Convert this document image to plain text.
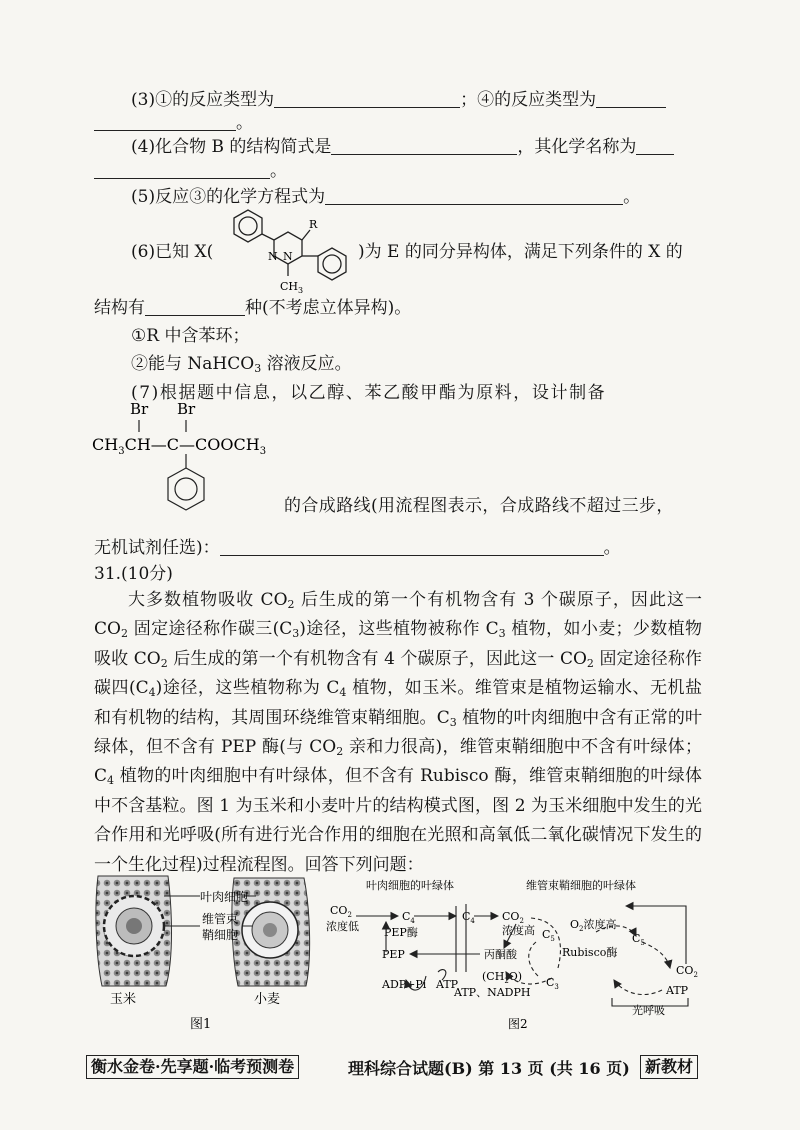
(3)①的反应类型为	；④的反应类型为
。
(4)化合物 B 的结构简式是	，其化学名称为
。
(5)反应③的化学方程式为	。
(6)已知 X(
R
N N
$CH_3$
)为 E 的同分异构体，满足下列条件的 X 的
结构有	种(不考虑立体异构)。
①R 中含苯环；
②能与 NaHCO$_3$ 溶液反应。
(7)根据题中信息，以乙醇、苯乙酸甲酯为原料，设计制备
Br Br
$CH_3CH—C—COOCH_3$
的合成路线(用流程图表示，合成路线不超过三步，
无机试剂任选)：	。
31.(10分)

大多数植物吸收 $CO_2$ 后生成的第一个有机物含有 3 个碳原子，因此这一 $CO_2$ 固定途径称作碳三$(C_3)$途径，这些植物被称作 $C_3$ 植物，如小麦；少数植物吸收 $CO_2$ 后生成的第一个有机物含有 4 个碳原子，因此这一 $CO_2$ 固定途径称作碳四$(C_4)$途径，这些植物称为 $C_4$ 植物，如玉米。维管束是植物运输水、无机盐和有机物的结构，其周围环绕维管束鞘细胞。$C_3$ 植物的叶肉细胞中含有正常的叶绿体，但不含有 PEP 酶(与 $CO_2$ 亲和力很高)，维管束鞘细胞中不含有叶绿体；$C_4$ 植物的叶肉细胞中有叶绿体，但不含有 Rubisco 酶，维管束鞘细胞的叶绿体中不含基粒。图 1 为玉米和小麦叶片的结构模式图，图 2 为玉米细胞中发生的光合作用和光呼吸(所有进行光合作用的细胞在光照和高氧低二氧化碳情况下发生的一个生化过程)过程流程图。回答下列问题：

叶肉细胞
维管束
鞘细胞
玉米	小麦
图1
叶肉细胞的叶绿体	维管束鞘细胞的叶绿体
$CO_2$
浓度低
$C_4$
PEP酶
PEP
$C_4$ $CO_2$
浓度高 $C_5$
丙酮酸
$O_2$浓度高
$C_5$
Rubisco酶
$(CH_2O)$ $C_3$
$CO_2$
ADP+Pi ATP
ATP、NADPH	ATP
光呼吸
图2
衡水金卷·先享题·临考预测卷	理科综合试题(B) 第 13 页 (共 16 页) 新教材
